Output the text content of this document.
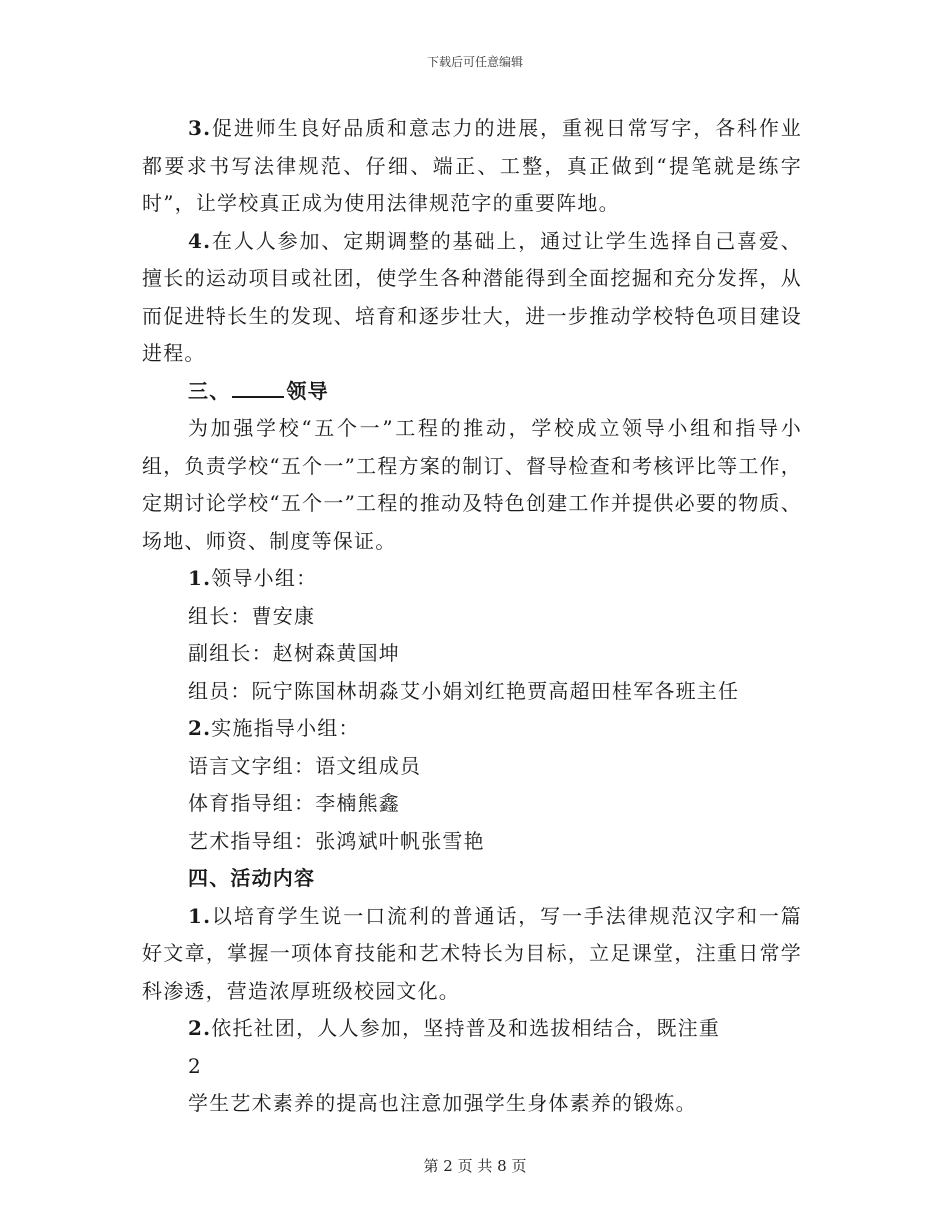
下载后可任意编辑

3.促进师生良好品质和意志力的进展，重视日常写字，各科作业都要求书写法律规范、仔细、端正、工整，真正做到“提笔就是练字时”，让学校真正成为使用法律规范字的重要阵地。

4.在人人参加、定期调整的基础上，通过让学生选择自己喜爱、擅长的运动项目或社团，使学生各种潜能得到全面挖掘和充分发挥，从而促进特长生的发现、培育和逐步壮大，进一步推动学校特色项目建设进程。

三、	领导

为加强学校“五个一”工程的推动，学校成立领导小组和指导小组，负责学校“五个一”工程方案的制订、督导检查和考核评比等工作，定期讨论学校“五个一”工程的推动及特色创建工作并提供必要的物质、场地、师资、制度等保证。

1.领导小组：

组长：曹安康

副组长：赵树森黄国坤

组员：阮宁陈国林胡淼艾小娟刘红艳贾高超田桂军各班主任

2.实施指导小组：

语言文字组：语文组成员

体育指导组：李楠熊鑫

艺术指导组：张鸿斌叶帆张雪艳

四、活动内容

1.以培育学生说一口流利的普通话，写一手法律规范汉字和一篇好文章，掌握一项体育技能和艺术特长为目标，立足课堂，注重日常学科渗透，营造浓厚班级校园文化。

2.依托社团，人人参加，坚持普及和选拔相结合，既注重

2

学生艺术素养的提高也注意加强学生身体素养的锻炼。

第 2 页 共 8 页
